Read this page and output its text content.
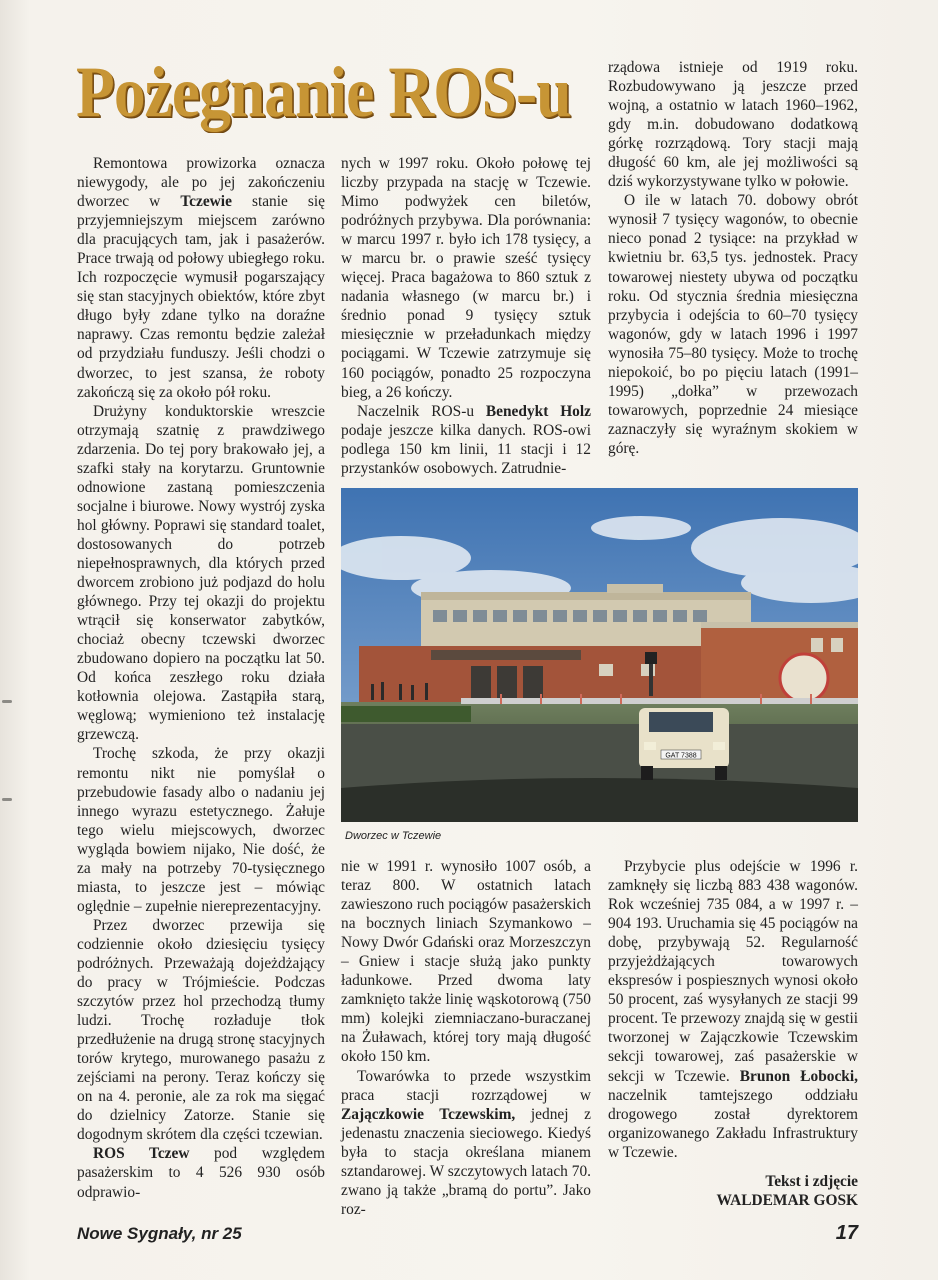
Pożegnanie ROS-u

Remontowa prowizorka oznacza niewygody, ale po jej zakończeniu dworzec w Tczewie stanie się przyjemniejszym miejscem zarówno dla pracujących tam, jak i pasażerów. Prace trwają od połowy ubiegłego roku. Ich rozpoczęcie wymusił pogarszający się stan stacyjnych obiektów, które zbyt długo były zdane tylko na doraźne naprawy. Czas remontu będzie zależał od przydziału funduszy. Jeśli chodzi o dworzec, to jest szansa, że roboty zakończą się za około pół roku.

Drużyny konduktorskie wreszcie otrzymają szatnię z prawdziwego zdarzenia. Do tej pory brakowało jej, a szafki stały na korytarzu. Gruntownie odnowione zastaną pomieszczenia socjalne i biurowe. Nowy wystrój zyska hol główny. Poprawi się standard toalet, dostosowanych do potrzeb niepełnosprawnych, dla których przed dworcem zrobiono już podjazd do holu głównego. Przy tej okazji do projektu wtrącił się konserwator zabytków, chociaż obecny tczewski dworzec zbudowano dopiero na początku lat 50. Od końca zeszłego roku działa kotłownia olejowa. Zastąpiła starą, węglową; wymieniono też instalację grzewczą.

Trochę szkoda, że przy okazji remontu nikt nie pomyślał o przebudowie fasady albo o nadaniu jej innego wyrazu estetycznego. Żałuje tego wielu miejscowych, dworzec wygląda bowiem nijako, Nie dość, że za mały na potrzeby 70-tysięcznego miasta, to jeszcze jest – mówiąc oględnie – zupełnie niereprezentacyjny.

Przez dworzec przewija się codziennie około dziesięciu tysięcy podróżnych. Przeważają dojeżdżający do pracy w Trójmieście. Podczas szczytów przez hol przechodzą tłumy ludzi. Trochę rozładuje tłok przedłużenie na drugą stronę stacyjnych torów krytego, murowanego pasażu z zejściami na perony. Teraz kończy się on na 4. peronie, ale za rok ma sięgać do dzielnicy Zatorze. Stanie się dogodnym skrótem dla części tczewian.

ROS Tczew pod względem pasażerskim to 4 526 930 osób odprawio-

nych w 1997 roku. Około połowę tej liczby przypada na stację w Tczewie. Mimo podwyżek cen biletów, podróżnych przybywa. Dla porównania: w marcu 1997 r. było ich 178 tysięcy, a w marcu br. o prawie sześć tysięcy więcej. Praca bagażowa to 860 sztuk z nadania własnego (w marcu br.) i średnio ponad 9 tysięcy sztuk miesięcznie w przeładunkach między pociągami. W Tczewie zatrzymuje się 160 pociągów, ponadto 25 rozpoczyna bieg, a 26 kończy.

Naczelnik ROS-u Benedykt Holz podaje jeszcze kilka danych. ROS-owi podlega 150 km linii, 11 stacji i 12 przystanków osobowych. Zatrudnie-

rządowa istnieje od 1919 roku. Rozbudowywano ją jeszcze przed wojną, a ostatnio w latach 1960–1962, gdy m.in. dobudowano dodatkową górkę rozrządową. Tory stacji mają długość 60 km, ale jej możliwości są dziś wykorzystywane tylko w połowie.

O ile w latach 70. dobowy obrót wynosił 7 tysięcy wagonów, to obecnie nieco ponad 2 tysiące: na przykład w kwietniu br. 63,5 tys. jednostek. Pracy towarowej niestety ubywa od początku roku. Od stycznia średnia miesięczna przybycia i odejścia to 60–70 tysięcy wagonów, gdy w latach 1996 i 1997 wynosiła 75–80 tysięcy. Może to trochę niepokoić, bo po pięciu latach (1991–1995) „dołka” w przewozach towarowych, poprzednie 24 miesiące zaznaczyły się wyraźnym skokiem w górę.

GAT 7388
Dworzec w Tczewie

nie w 1991 r. wynosiło 1007 osób, a teraz 800. W ostatnich latach zawieszono ruch pociągów pasażerskich na bocznych liniach Szymankowo – Nowy Dwór Gdański oraz Morzeszczyn – Gniew i stacje służą jako punkty ładunkowe. Przed dwoma laty zamknięto także linię wąskotorową (750 mm) kolejki ziemniaczano-buraczanej na Żuławach, której tory mają długość około 150 km.

Towarówka to przede wszystkim praca stacji rozrządowej w Zajączkowie Tczewskim, jednej z jedenastu znaczenia sieciowego. Kiedyś była to stacja określana mianem sztandarowej. W szczytowych latach 70. zwano ją także „bramą do portu”. Jako roz-

Przybycie plus odejście w 1996 r. zamknęły się liczbą 883 438 wagonów. Rok wcześniej 735 084, a w 1997 r. – 904 193. Uruchamia się 45 pociągów na dobę, przybywają 52. Regularność przyjeżdżających towarowych ekspresów i pospiesznych wynosi około 50 procent, zaś wysyłanych ze stacji 99 procent. Te przewozy znajdą się w gestii tworzonej w Zajączkowie Tczewskim sekcji towarowej, zaś pasażerskie w sekcji w Tczewie. Brunon Łobocki, naczelnik tamtejszego oddziału drogowego został dyrektorem organizowanego Zakładu Infrastruktury w Tczewie.

Tekst i zdjęcie
WALDEMAR GOSK
Nowe Sygnały, nr 25	17
